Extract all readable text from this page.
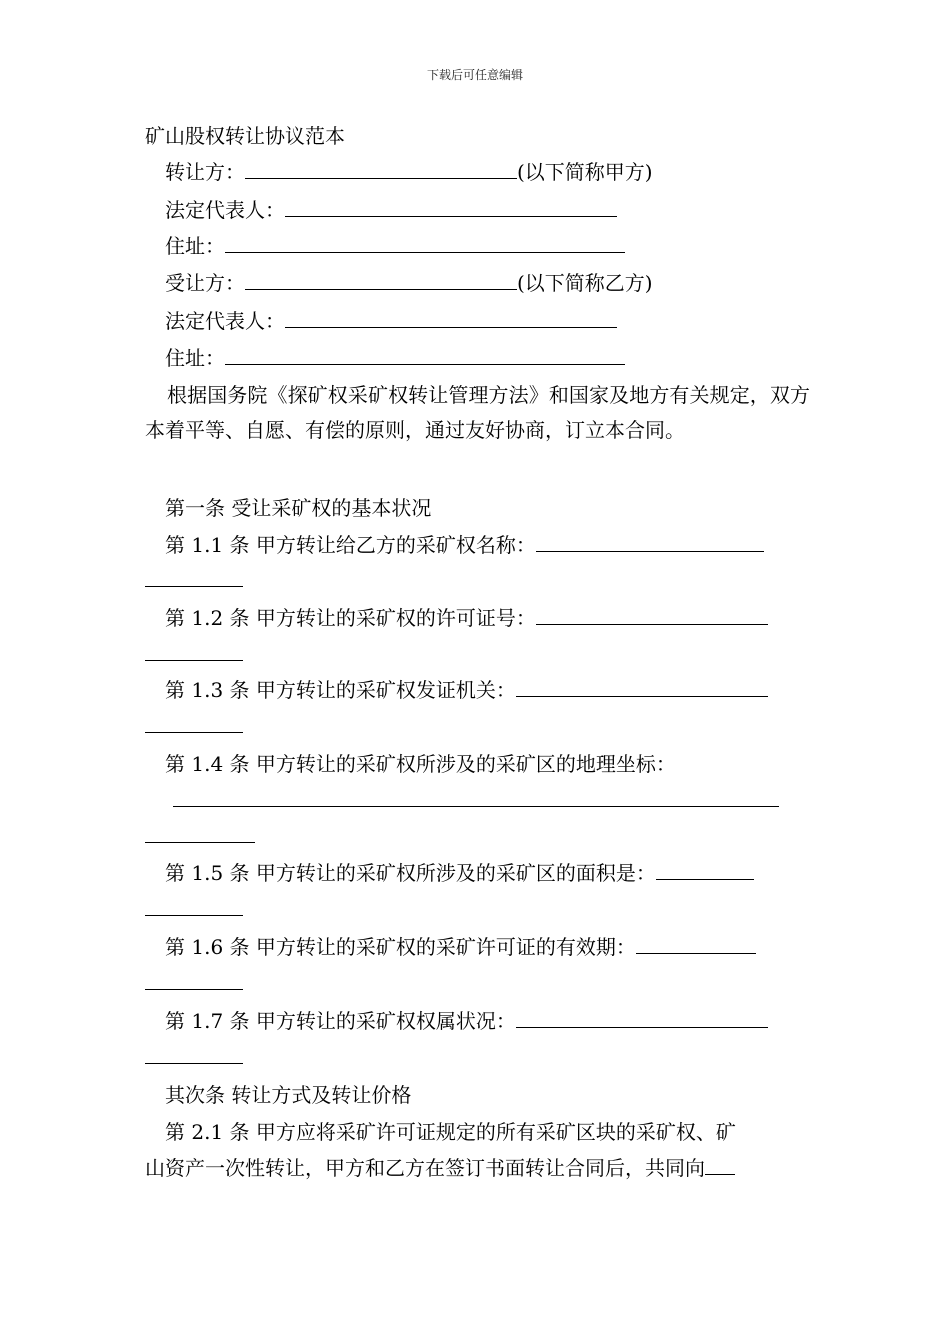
下载后可任意编辑
矿山股权转让协议范本
转让方：	(以下简称甲方)
法定代表人：
住址：
受让方：	(以下简称乙方)
法定代表人：
住址：
根据国务院《探矿权采矿权转让管理方法》和国家及地方有关规定，双方本着平等、自愿、有偿的原则，通过友好协商，订立本合同。
第一条 受让采矿权的基本状况
第 1.1 条 甲方转让给乙方的采矿权名称：
第 1.2 条 甲方转让的采矿权的许可证号：
第 1.3 条 甲方转让的采矿权发证机关：
第 1.4 条 甲方转让的采矿权所涉及的采矿区的地理坐标：
第 1.5 条 甲方转让的采矿权所涉及的采矿区的面积是：
第 1.6 条 甲方转让的采矿权的采矿许可证的有效期：
第 1.7 条 甲方转让的采矿权权属状况：
其次条 转让方式及转让价格
第 2.1 条 甲方应将采矿许可证规定的所有采矿区块的采矿权、矿
山资产一次性转让，甲方和乙方在签订书面转让合同后，共同向
